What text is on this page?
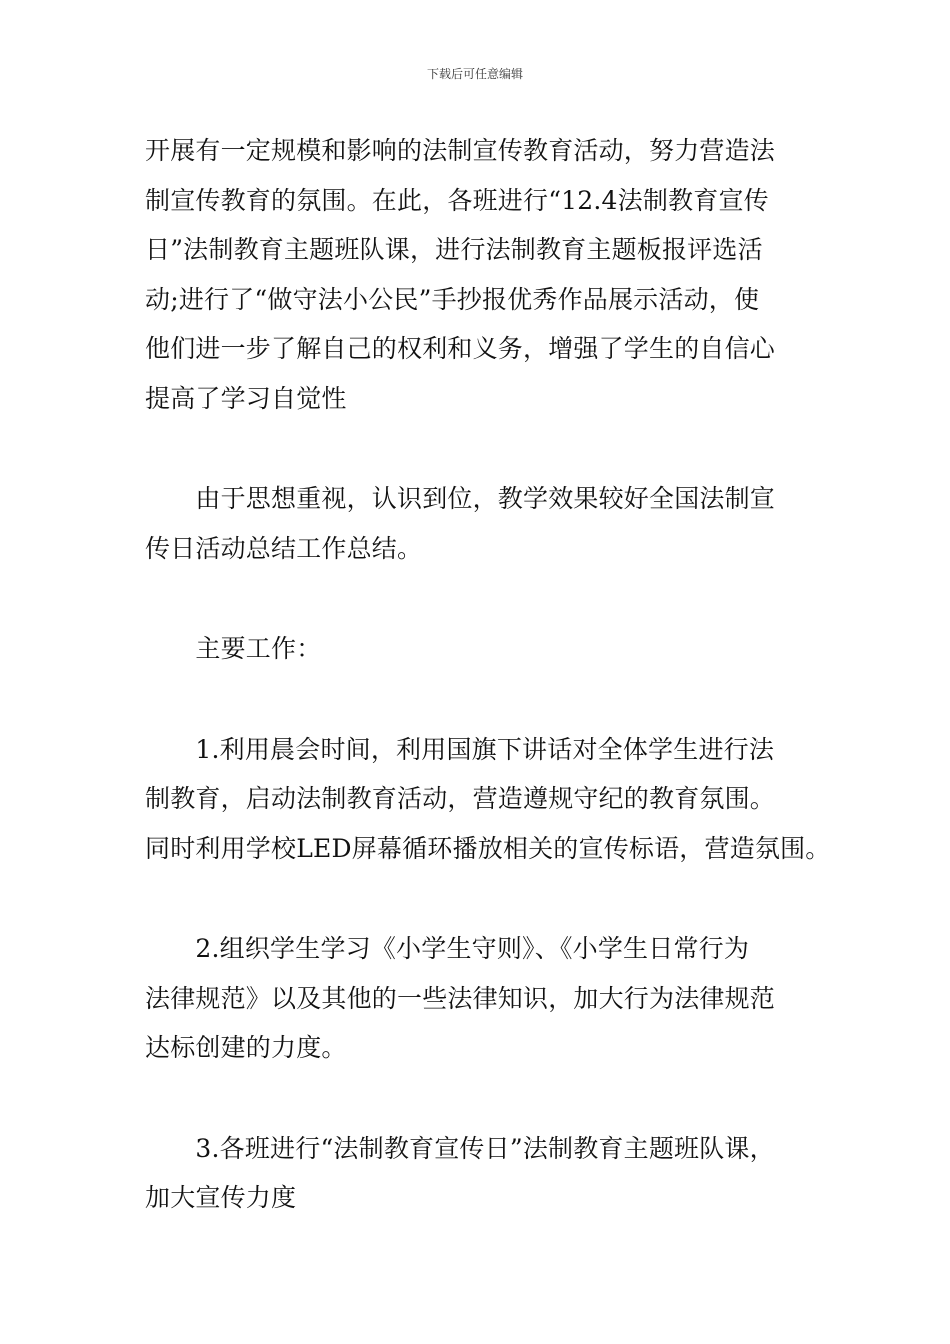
下载后可任意编辑
开展有一定规模和影响的法制宣传教育活动，努力营造法
制宣传教育的氛围。在此，各班进行“12.4法制教育宣传
日”法制教育主题班队课，进行法制教育主题板报评选活
动;进行了“做守法小公民”手抄报优秀作品展示活动，使
他们进一步了解自己的权利和义务，增强了学生的自信心
提高了学习自觉性
　　由于思想重视，认识到位，教学效果较好全国法制宣
传日活动总结工作总结。
　　主要工作：
　　1.利用晨会时间，利用国旗下讲话对全体学生进行法
制教育，启动法制教育活动，营造遵规守纪的教育氛围。
同时利用学校LED屏幕循环播放相关的宣传标语，营造氛围。
　　2.组织学生学习《小学生守则》、《小学生日常行为
法律规范》以及其他的一些法律知识，加大行为法律规范
达标创建的力度。
　　3.各班进行“法制教育宣传日”法制教育主题班队课，
加大宣传力度
